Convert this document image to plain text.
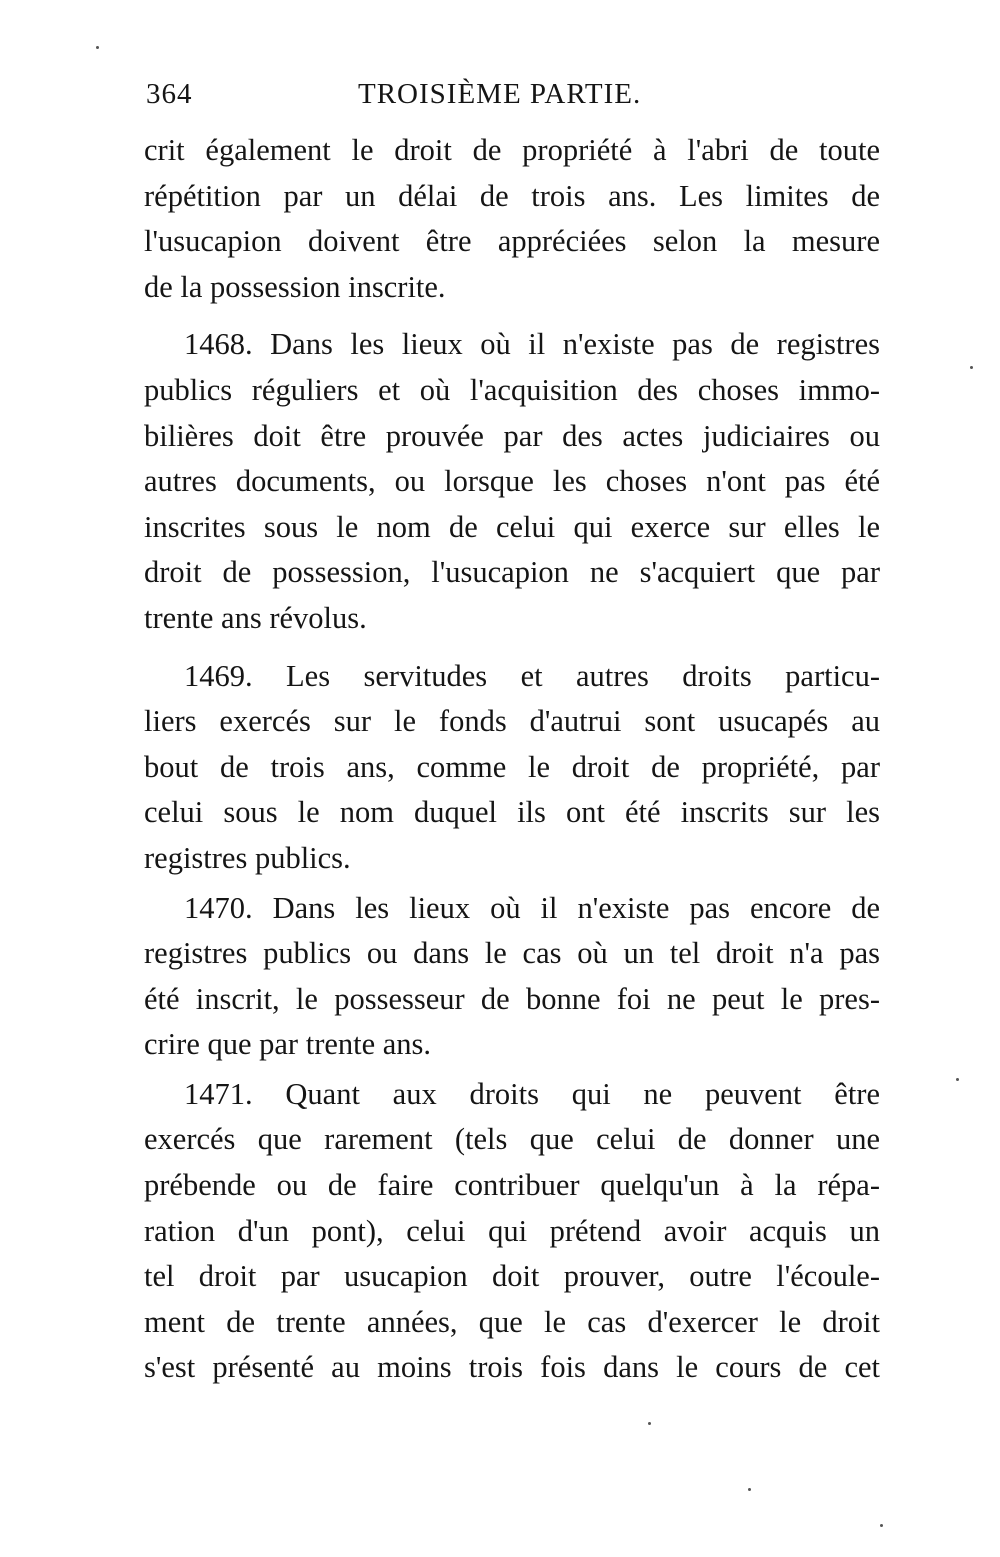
364	TROISIÈME PARTIE.
crit également le droit de propriété à l'abri de toute
répétition par un délai de trois ans. Les limites de
l'usucapion doivent être appréciées selon la mesure
de la possession inscrite.
1468. Dans les lieux où il n'existe pas de registres
publics réguliers et où l'acquisition des choses immo-
bilières doit être prouvée par des actes judiciaires ou
autres documents, ou lorsque les choses n'ont pas été
inscrites sous le nom de celui qui exerce sur elles le
droit de possession, l'usucapion ne s'acquiert que par
trente ans révolus.
1469. Les servitudes et autres droits particu-
liers exercés sur le fonds d'autrui sont usucapés au
bout de trois ans, comme le droit de propriété, par
celui sous le nom duquel ils ont été inscrits sur les
registres publics.
1470. Dans les lieux où il n'existe pas encore de
registres publics ou dans le cas où un tel droit n'a pas
été inscrit, le possesseur de bonne foi ne peut le pres-
crire que par trente ans.
1471. Quant aux droits qui ne peuvent être
exercés que rarement (tels que celui de donner une
prébende ou de faire contribuer quelqu'un à la répa-
ration d'un pont), celui qui prétend avoir acquis un
tel droit par usucapion doit prouver, outre l'écoule-
ment de trente années, que le cas d'exercer le droit
s'est présenté au moins trois fois dans le cours de cet
